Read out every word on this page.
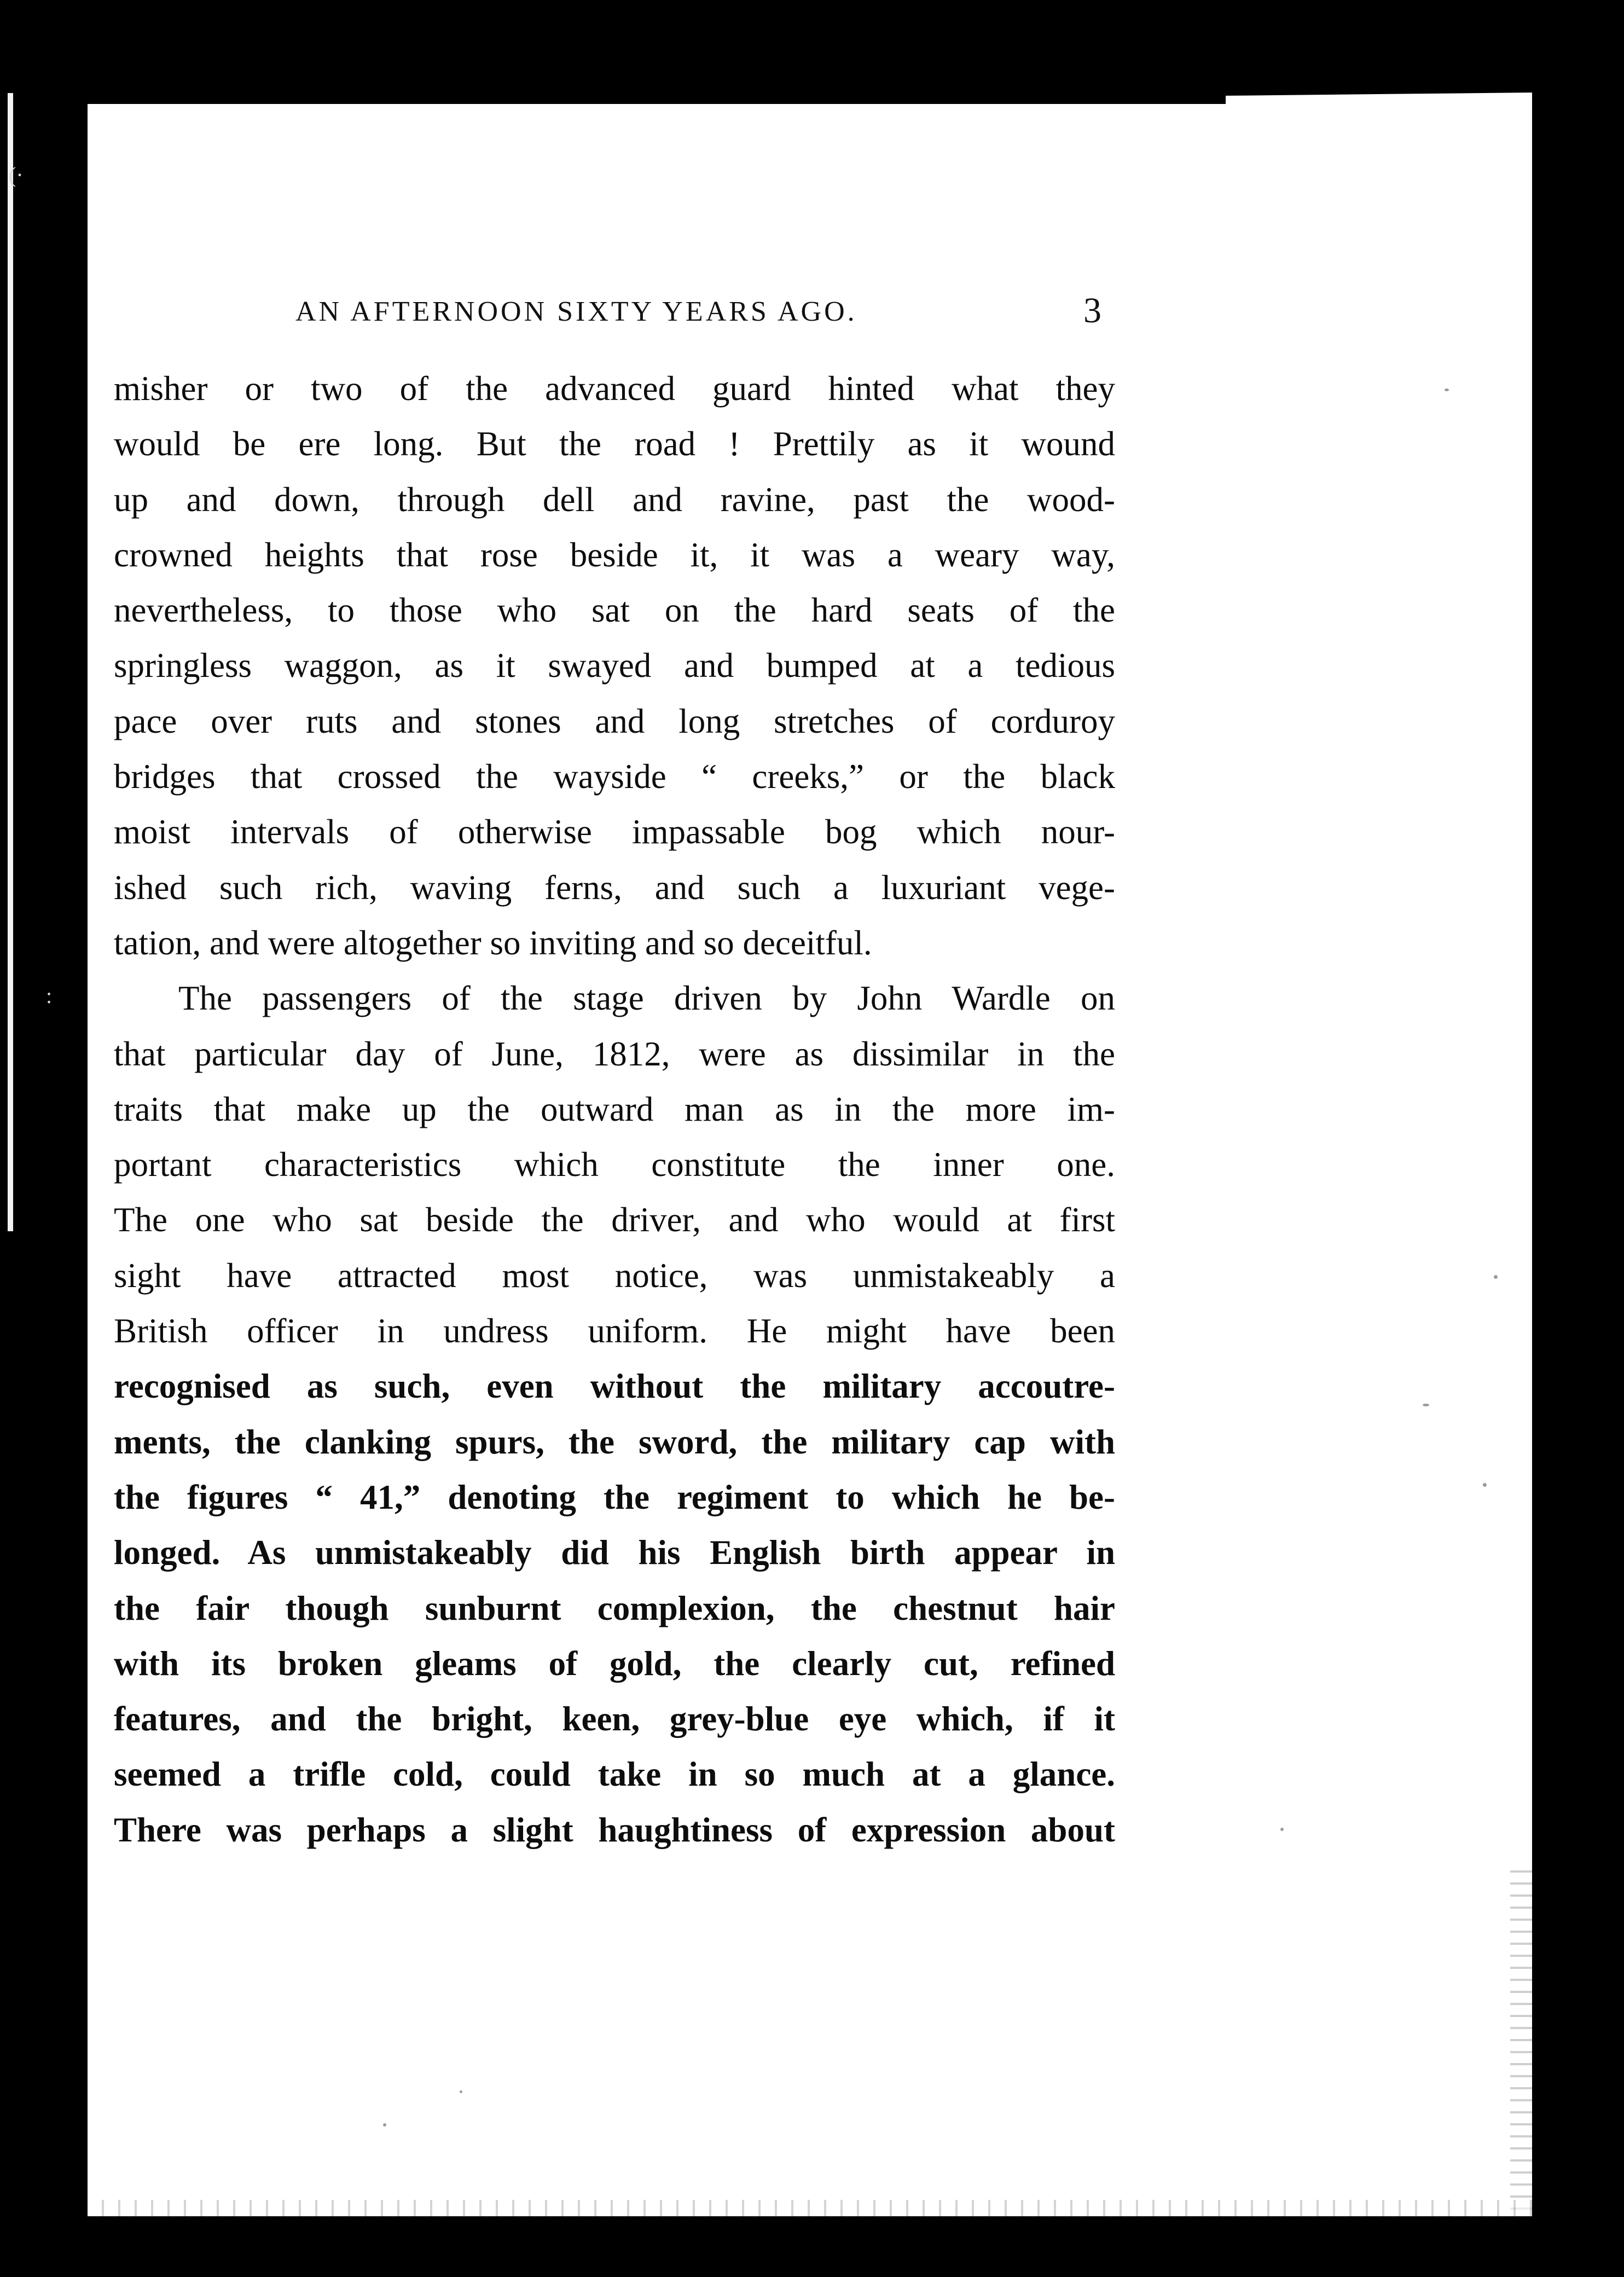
(·
:
AN AFTERNOON SIXTY YEARS AGO.	3
misher or two of the advanced guard hinted what they
would be ere long. But the road ! Prettily as it wound
up and down, through dell and ravine, past the wood-
crowned heights that rose beside it, it was a weary way,
nevertheless, to those who sat on the hard seats of the
springless waggon, as it swayed and bumped at a tedious
pace over ruts and stones and long stretches of corduroy
bridges that crossed the wayside “ creeks,” or the black
moist intervals of otherwise impassable bog which nour-
ished such rich, waving ferns, and such a luxuriant vege-
tation, and were altogether so inviting and so deceitful.
The passengers of the stage driven by John Wardle on
that particular day of June, 1812, were as dissimilar in the
traits that make up the outward man as in the more im-
portant characteristics which constitute the inner one.
The one who sat beside the driver, and who would at first
sight have attracted most notice, was unmistakeably a
British officer in undress uniform. He might have been
recognised as such, even without the military accoutre-
ments, the clanking spurs, the sword, the military cap with
the figures “ 41,” denoting the regiment to which he be-
longed. As unmistakeably did his English birth appear in
the fair though sunburnt complexion, the chestnut hair
with its broken gleams of gold, the clearly cut, refined
features, and the bright, keen, grey-blue eye which, if it
seemed a trifle cold, could take in so much at a glance.
There was perhaps a slight haughtiness of expression about
